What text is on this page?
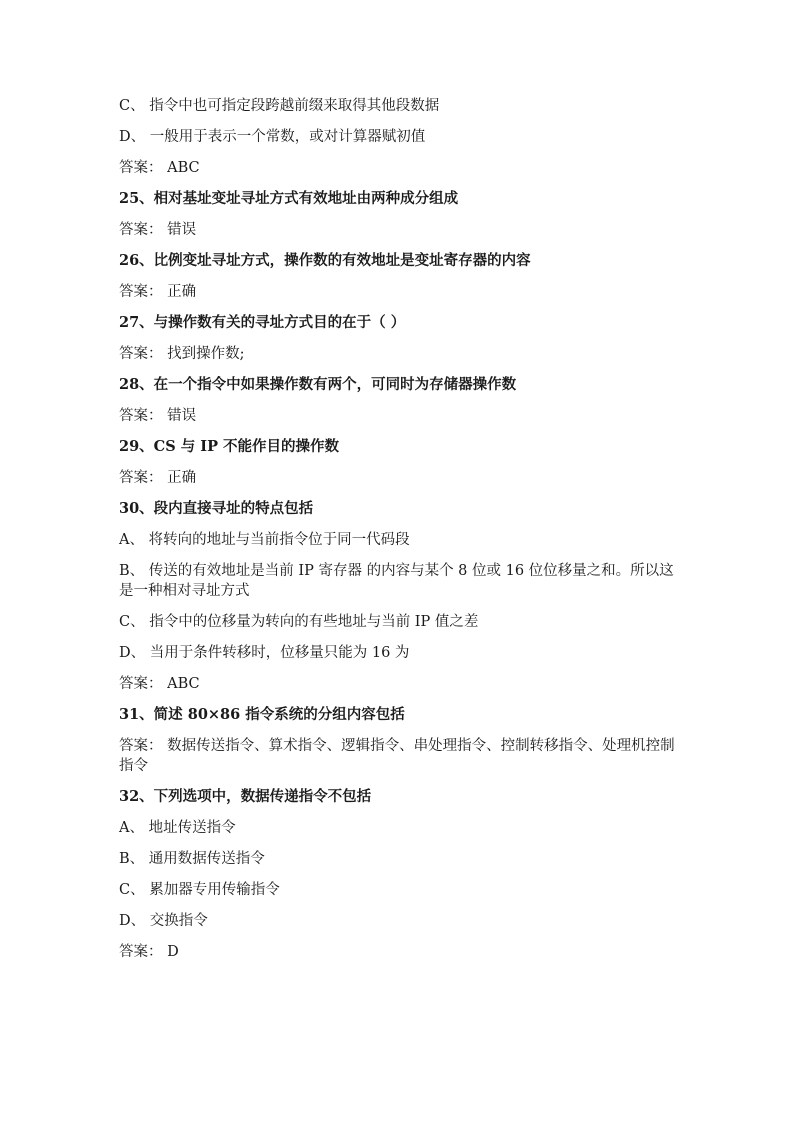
C、 指令中也可指定段跨越前缀来取得其他段数据

D、 一般用于表示一个常数，或对计算器赋初值

答案： ABC

25、相对基址变址寻址方式有效地址由两种成分组成

答案： 错误

26、比例变址寻址方式，操作数的有效地址是变址寄存器的内容

答案： 正确

27、与操作数有关的寻址方式目的在于（ ）

答案： 找到操作数;

28、在一个指令中如果操作数有两个，可同时为存储器操作数

答案： 错误

29、CS 与 IP 不能作目的操作数

答案： 正确

30、段内直接寻址的特点包括

A、 将转向的地址与当前指令位于同一代码段

B、 传送的有效地址是当前 IP 寄存器 的内容与某个 8 位或 16 位位移量之和。所以这是一种相对寻址方式

C、 指令中的位移量为转向的有些地址与当前 IP 值之差

D、 当用于条件转移时，位移量只能为 16 为

答案： ABC

31、简述 80×86 指令系统的分组内容包括

答案： 数据传送指令、算术指令、逻辑指令、串处理指令、控制转移指令、处理机控制指令

32、下列选项中，数据传递指令不包括

A、 地址传送指令

B、 通用数据传送指令

C、 累加器专用传输指令

D、 交换指令

答案： D
